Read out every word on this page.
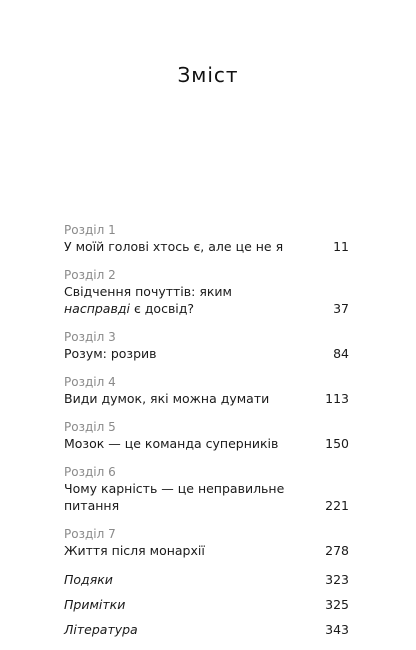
Зміст
Розділ 1
У моїй голові хтось є, але це не я	11
Розділ 2
Свідчення почуттів: яким
насправді є досвід?	37
Розділ 3
Розум: розрив	84
Розділ 4
Види думок, які можна думати	113
Розділ 5
Мозок — це команда суперників	150
Розділ 6
Чому карність — це неправильне питання	221
Розділ 7
Життя після монархії	278
Подяки	323
Примітки	325
Література	343
